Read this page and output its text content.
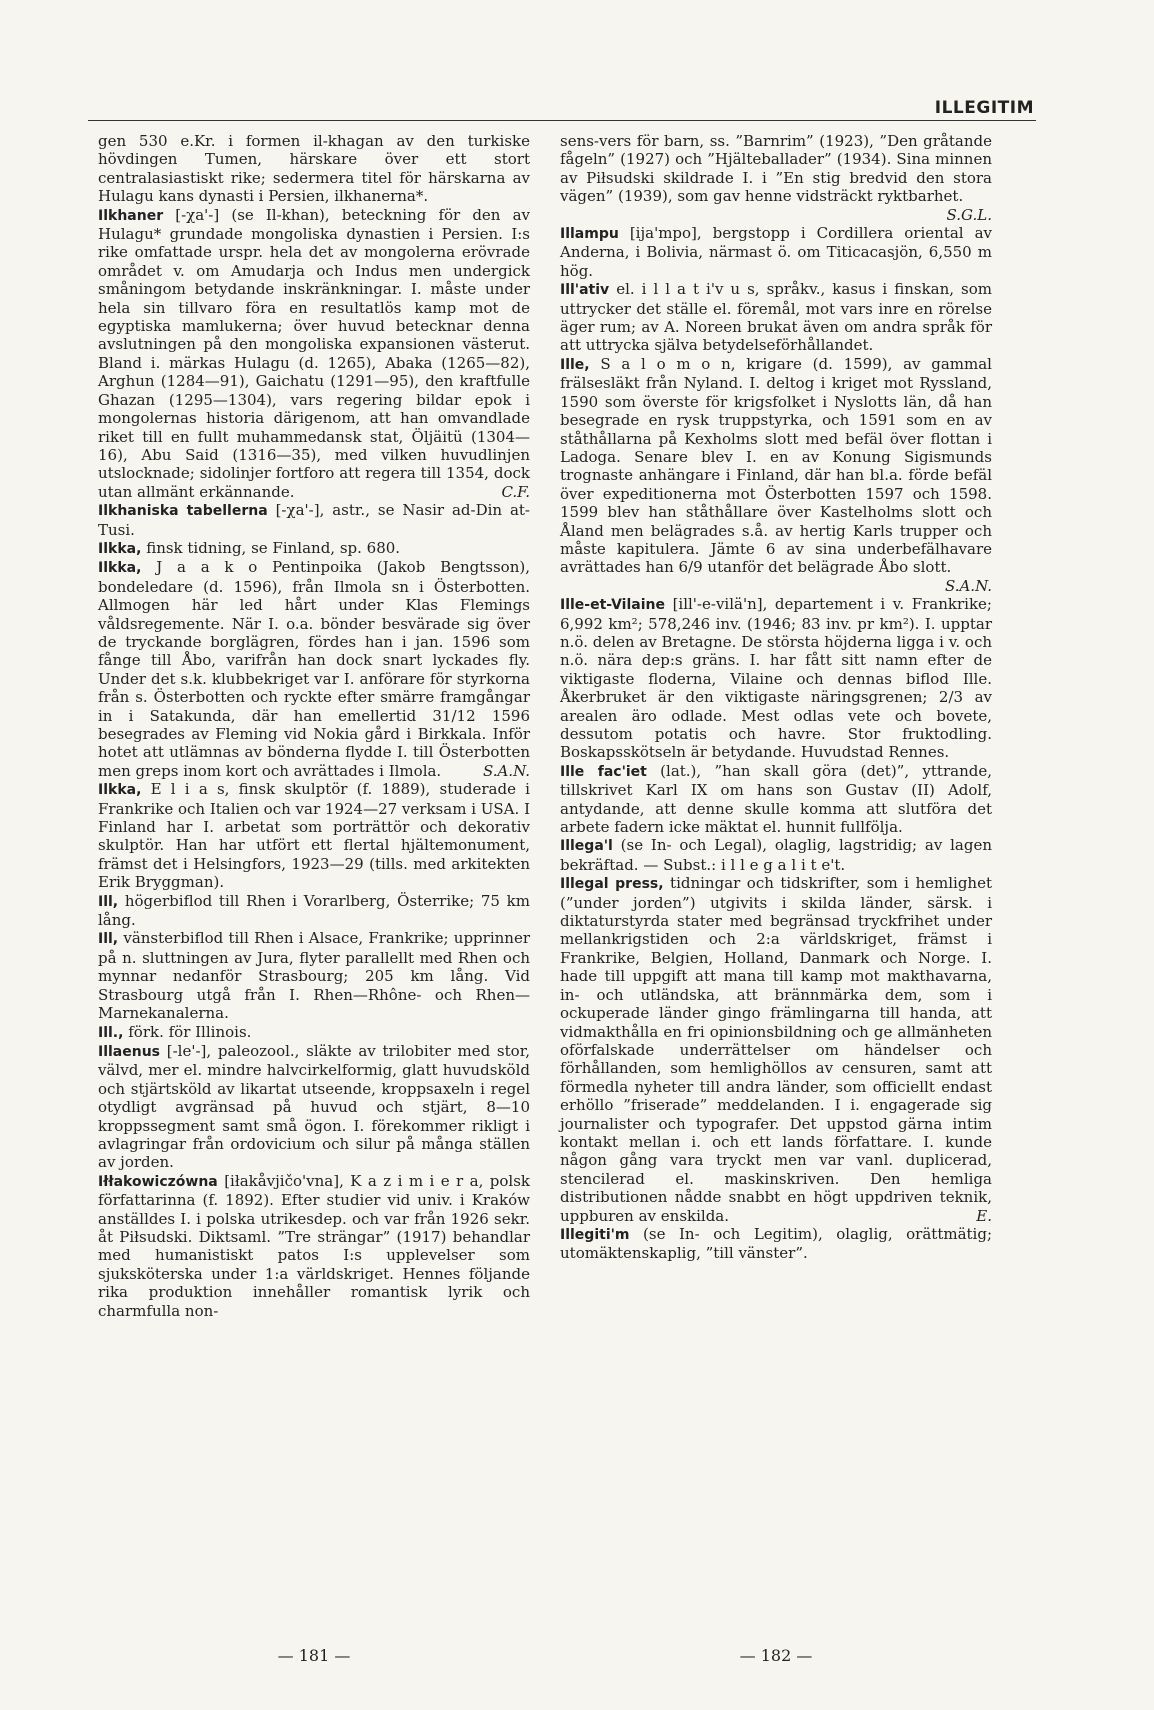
ILLEGITIM

gen 530 e.Kr. i formen il-khagan av den turkiske hövdingen Tumen, härskare över ett stort centralasiastiskt rike; sedermera titel för härskarna av Hulagu kans dynasti i Persien, ilkhanerna*.

Ilkhaner [-χa'-] (se Il-khan), beteckning för den av Hulagu* grundade mongoliska dynastien i Persien. I:s rike omfattade urspr. hela det av mongolerna erövrade området v. om Amudarja och Indus men undergick småningom betydande inskränkningar. I. måste under hela sin tillvaro föra en resultatlös kamp mot de egyptiska mamlukerna; över huvud betecknar denna avslutningen på den mongoliska expansionen västerut. Bland i. märkas Hulagu (d. 1265), Abaka (1265—82), Arghun (1284—91), Gaichatu (1291—95), den kraftfulle Ghazan (1295—1304), vars regering bildar epok i mongolernas historia därigenom, att han omvandlade riket till en fullt muhammedansk stat, Öljäitü (1304—16), Abu Said (1316—35), med vilken huvudlinjen utslocknade; sidolinjer fortforo att regera till 1354, dock utan allmänt erkännande.	C.F.

Ilkhaniska tabellerna [-χa'-], astr., se Nasir ad-Din at-Tusi.

Ilkka, finsk tidning, se Finland, sp. 680.

Ilkka, J a a k o Pentinpoika (Jakob Bengtsson), bondeledare (d. 1596), från Ilmola sn i Österbotten. Allmogen här led hårt under Klas Flemings våldsregemente. När I. o.a. bönder besvärade sig över de tryckande borglägren, fördes han i jan. 1596 som fånge till Åbo, varifrån han dock snart lyckades fly. Under det s.k. klubbekriget var I. anförare för styrkorna från s. Österbotten och ryckte efter smärre framgångar in i Satakunda, där han emellertid 31/12 1596 besegrades av Fleming vid Nokia gård i Birkkala. Inför hotet att utlämnas av bönderna flydde I. till Österbotten men greps inom kort och avrättades i Ilmola.	S.A.N.

Ilkka, E l i a s, finsk skulptör (f. 1889), studerade i Frankrike och Italien och var 1924—27 verksam i USA. I Finland har I. arbetat som porträttör och dekorativ skulptör. Han har utfört ett flertal hjältemonument, främst det i Helsingfors, 1923—29 (tills. med arkitekten Erik Bryggman).

Ill, högerbiflod till Rhen i Vorarlberg, Österrike; 75 km lång.

Ill, vänsterbiflod till Rhen i Alsace, Frankrike; upprinner på n. sluttningen av Jura, flyter parallellt med Rhen och mynnar nedanför Strasbourg; 205 km lång. Vid Strasbourg utgå från I. Rhen—Rhône- och Rhen—Marnekanalerna.

Ill., förk. för Illinois.

Illaenus [-le'-], paleozool., släkte av trilobiter med stor, välvd, mer el. mindre halvcirkelformig, glatt huvudsköld och stjärtsköld av likartat utseende, kroppsaxeln i regel otydligt avgränsad på huvud och stjärt, 8—10 kroppssegment samt små ögon. I. förekommer rikligt i avlagringar från ordovicium och silur på många ställen av jorden.

Iłłakowiczówna [iłakåvjičo'vna], K a z i m i e r a, polsk författarinna (f. 1892). Efter studier vid univ. i Kraków anställdes I. i polska utrikesdep. och var från 1926 sekr. åt Piłsudski. Diktsaml. ”Tre strängar” (1917) behandlar med humanistiskt patos I:s upplevelser som sjuksköterska under 1:a världskriget. Hennes följande rika produktion innehåller romantisk lyrik och charmfulla non-

sens-vers för barn, ss. ”Barnrim” (1923), ”Den gråtande fågeln” (1927) och ”Hjälteballader” (1934). Sina minnen av Piłsudski skildrade I. i ”En stig bredvid den stora vägen” (1939), som gav henne vidsträckt ryktbarhet.
S.G.L.

Illampu [ija'mpo], bergstopp i Cordillera oriental av Anderna, i Bolivia, närmast ö. om Titicacasjön, 6,550 m hög.

Ill'ativ el. i l l a t i'v u s, språkv., kasus i finskan, som uttrycker det ställe el. föremål, mot vars inre en rörelse äger rum; av A. Noreen brukat även om andra språk för att uttrycka själva betydelseförhållandet.

Ille, S a l o m o n, krigare (d. 1599), av gammal frälsesläkt från Nyland. I. deltog i kriget mot Ryssland, 1590 som överste för krigsfolket i Nyslotts län, då han besegrade en rysk truppstyrka, och 1591 som en av ståthållarna på Kexholms slott med befäl över flottan i Ladoga. Senare blev I. en av Konung Sigismunds trognaste anhängare i Finland, där han bl.a. förde befäl över expeditionerna mot Österbotten 1597 och 1598. 1599 blev han ståthållare över Kastelholms slott och Åland men belägrades s.å. av hertig Karls trupper och måste kapitulera. Jämte 6 av sina underbefälhavare avrättades han 6/9 utanför det belägrade Åbo slott.
S.A.N.

Ille-et-Vilaine [ill'-e-vilä'n], departement i v. Frankrike; 6,992 km²; 578,246 inv. (1946; 83 inv. pr km²). I. upptar n.ö. delen av Bretagne. De största höjderna ligga i v. och n.ö. nära dep:s gräns. I. har fått sitt namn efter de viktigaste floderna, Vilaine och dennas biflod Ille. Åkerbruket är den viktigaste näringsgrenen; 2/3 av arealen äro odlade. Mest odlas vete och bovete, dessutom potatis och havre. Stor fruktodling. Boskapsskötseln är betydande. Huvudstad Rennes.

Ille fac'iet (lat.), ”han skall göra (det)”, yttrande, tillskrivet Karl IX om hans son Gustav (II) Adolf, antydande, att denne skulle komma att slutföra det arbete fadern icke mäktat el. hunnit fullfölja.

Illega'l (se In- och Legal), olaglig, lagstridig; av lagen bekräftad. — Subst.: i l l e g a l i t e't.

Illegal press, tidningar och tidskrifter, som i hemlighet (”under jorden”) utgivits i skilda länder, särsk. i diktaturstyrda stater med begränsad tryckfrihet under mellankrigstiden och 2:a världskriget, främst i Frankrike, Belgien, Holland, Danmark och Norge. I. hade till uppgift att mana till kamp mot makthavarna, in- och utländska, att brännmärka dem, som i ockuperade länder gingo främlingarna till handa, att vidmakthålla en fri opinionsbildning och ge allmänheten oförfalskade underrättelser om händelser och förhållanden, som hemlighöllos av censuren, samt att förmedla nyheter till andra länder, som officiellt endast erhöllo ”friserade” meddelanden. I i. engagerade sig journalister och typografer. Det uppstod gärna intim kontakt mellan i. och ett lands författare. I. kunde någon gång vara tryckt men var vanl. duplicerad, stencilerad el. maskinskriven. Den hemliga distributionen nådde snabbt en högt uppdriven teknik, uppburen av enskilda.	E.

Illegiti'm (se In- och Legitim), olaglig, orättmätig; utomäktenskaplig, ”till vänster”.

— 181 —	— 182 —
